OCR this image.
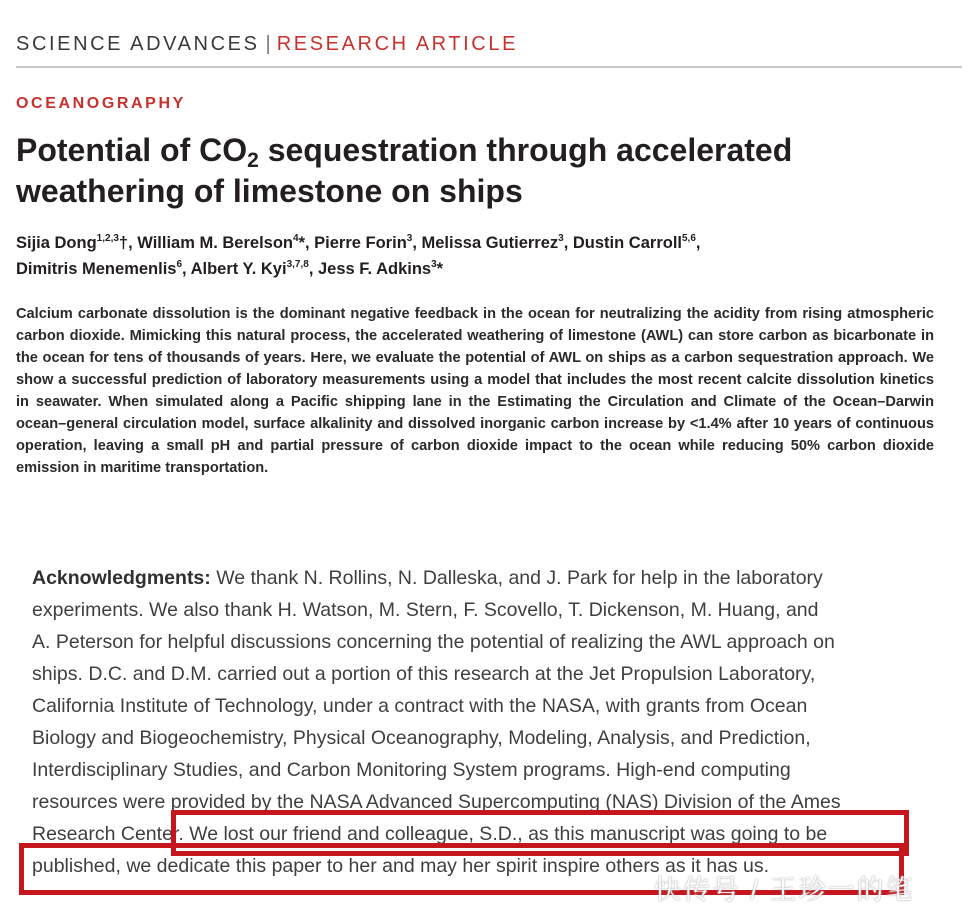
SCIENCE ADVANCES | RESEARCH ARTICLE
OCEANOGRAPHY
Potential of $CO_2$ sequestration through accelerated weathering of limestone on ships
Sijia Dong$^{1,2,3}$†, William M. Berelson$^4$*, Pierre Forin$^3$, Melissa Gutierrez$^3$, Dustin Carroll$^{5,6}$,
Dimitris Menemenlis$^6$, Albert Y. Kyi$^{3,7,8}$, Jess F. Adkins$^3$*

Calcium carbonate dissolution is the dominant negative feedback in the ocean for neutralizing the acidity from rising atmospheric carbon dioxide. Mimicking this natural process, the accelerated weathering of limestone (AWL) can store carbon as bicarbonate in the ocean for tens of thousands of years. Here, we evaluate the potential of AWL on ships as a carbon sequestration approach. We show a successful prediction of laboratory measurements using a model that includes the most recent calcite dissolution kinetics in seawater. When simulated along a Pacific shipping lane in the Estimating the Circulation and Climate of the Ocean–Darwin ocean–general circulation model, surface alkalinity and dissolved inorganic carbon increase by <1.4% after 10 years of continuous operation, leaving a small pH and partial pressure of carbon dioxide impact to the ocean while reducing 50% carbon dioxide emission in maritime transportation.

Acknowledgments: We thank N. Rollins, N. Dalleska, and J. Park for help in the laboratory
experiments. We also thank H. Watson, M. Stern, F. Scovello, T. Dickenson, M. Huang, and
A. Peterson for helpful discussions concerning the potential of realizing the AWL approach on
ships. D.C. and D.M. carried out a portion of this research at the Jet Propulsion Laboratory,
California Institute of Technology, under a contract with the NASA, with grants from Ocean
Biology and Biogeochemistry, Physical Oceanography, Modeling, Analysis, and Prediction,
Interdisciplinary Studies, and Carbon Monitoring System programs. High-end computing
resources were provided by the NASA Advanced Supercomputing (NAS) Division of the Ames
Research Center. We lost our friend and colleague, S.D., as this manuscript was going to be
published, we dedicate this paper to her and may her spirit inspire others as it has us.
快传号 / 王珍一的笔
